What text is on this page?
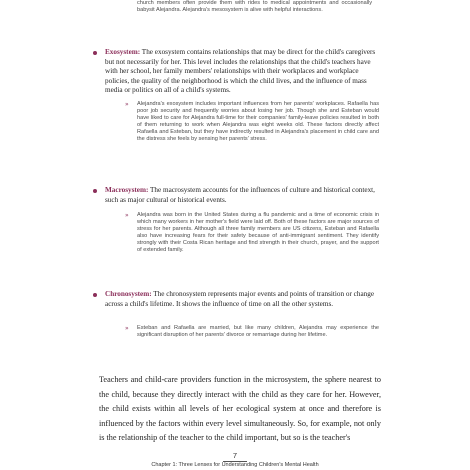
church members often provide them with rides to medical appointments and occasionally babysit Alejandra. Alejandra's mesosystem is alive with helpful interactions.
Exosystem: The exosystem contains relationships that may be direct for the child's caregivers but not necessarily for her. This level includes the relationships that the child's teachers have with her school, her family members' relationships with their workplaces and workplace policies, the quality of the neighborhood is which the child lives, and the influence of mass media or politics on all of a child's systems.
» Alejandra's exosystem includes important influences from her parents' workplaces. Rafaella has poor job security and frequently worries about losing her job. Though she and Esteban would have liked to care for Alejandra full-time for their companies' family-leave policies resulted in both of them returning to work when Alejandra was eight weeks old. These factors directly affect Rafaella and Esteban, but they have indirectly resulted in Alejandra's placement in child care and the distress she feels by sensing her parents' stress.
Macrosystem: The macrosystem accounts for the influences of culture and historical context, such as major cultural or historical events.
» Alejandra was born in the United States during a flu pandemic and a time of economic crisis in which many workers in her mother's field were laid off. Both of these factors are major sources of stress for her parents. Although all three family members are US citizens, Esteban and Rafaella also have increasing fears for their safety because of anti-immigrant sentiment. They identify strongly with their Costa Rican heritage and find strength in their church, prayer, and the support of extended family.
Chronosystem: The chronosystem represents major events and points of transition or change across a child's lifetime. It shows the influence of time on all the other systems.
» Esteban and Rafaella are married, but like many children, Alejandra may experience the significant disruption of her parents' divorce or remarriage during her lifetime.
Teachers and child-care providers function in the microsystem, the sphere nearest to the child, because they directly interact with the child as they care for her. However, the child exists within all levels of her ecological system at once and therefore is influenced by the factors within every level simultaneously. So, for example, not only is the relationship of the teacher to the child important, but so is the teacher's
7
Chapter 1: Three Lenses for Understanding Children's Mental Health
